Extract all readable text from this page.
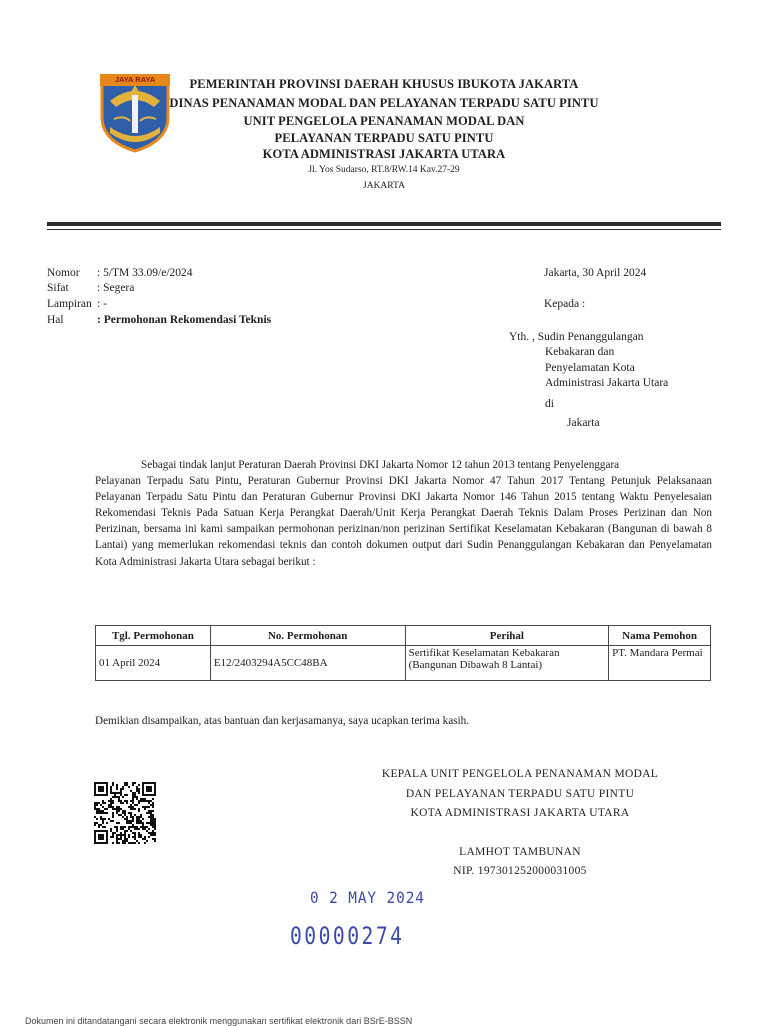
JAYA RAYA	PEMERINTAH PROVINSI DAERAH KHUSUS IBUKOTA JAKARTA
DINAS PENANAMAN MODAL DAN PELAYANAN TERPADU SATU PINTU
UNIT PENGELOLA PENANAMAN MODAL DAN
PELAYANAN TERPADU SATU PINTU
KOTA ADMINISTRASI JAKARTA UTARA
Jl. Yos Sudarso, RT.8/RW.14 Kav.27-29
JAKARTA
Nomor : 5/TM 33.09/e/2024
Sifat : Segera
Lampiran : -
Hal	: Permohonan Rekomendasi Teknis
Jakarta, 30 April 2024
Kepada :
Yth. , Sudin Penanggulangan
Kebakaran dan
Penyelamatan Kota
Administrasi Jakarta Utara
di
Jakarta
Sebagai tindak lanjut Peraturan Daerah Provinsi DKI Jakarta Nomor 12 tahun 2013 tentang Penyelenggara
Pelayanan Terpadu Satu Pintu, Peraturan Gubernur Provinsi DKI Jakarta Nomor 47 Tahun 2017 Tentang Petunjuk Pelaksanaan Pelayanan Terpadu Satu Pintu dan Peraturan Gubernur Provinsi DKI Jakarta Nomor 146 Tahun 2015 tentang Waktu Penyelesaian Rekomendasi Teknis Pada Satuan Kerja Perangkat Daerah/Unit Kerja Perangkat Daerah Teknis Dalam Proses Perizinan dan Non Perizinan, bersama ini kami sampaikan permohonan perizinan/non perizinan Sertifikat Keselamatan Kebakaran (Bangunan di bawah 8 Lantai) yang memerlukan rekomendasi teknis dan contoh dokumen output dari Sudin Penanggulangan Kebakaran dan Penyelamatan Kota Administrasi Jakarta Utara sebagai berikut :
Tgl. Permohonan	No. Permohonan	Perihal	Nama Pemohon
01 April 2024	E12/2403294A5CC48BA	Sertifikat Keselamatan Kebakaran (Bangunan Dibawah 8 Lantai)	PT. Mandara Permai
Demikian disampaikan, atas bantuan dan kerjasamanya, saya ucapkan terima kasih.
KEPALA UNIT PENGELOLA PENANAMAN MODAL
DAN PELAYANAN TERPADU SATU PINTU
KOTA ADMINISTRASI JAKARTA UTARA
LAMHOT TAMBUNAN
NIP. 197301252000031005
0 2 MAY 2024
00000274
Dokumen ini ditandatangani secara elektronik menggunakan sertifikat elektronik dari BSrE-BSSN
